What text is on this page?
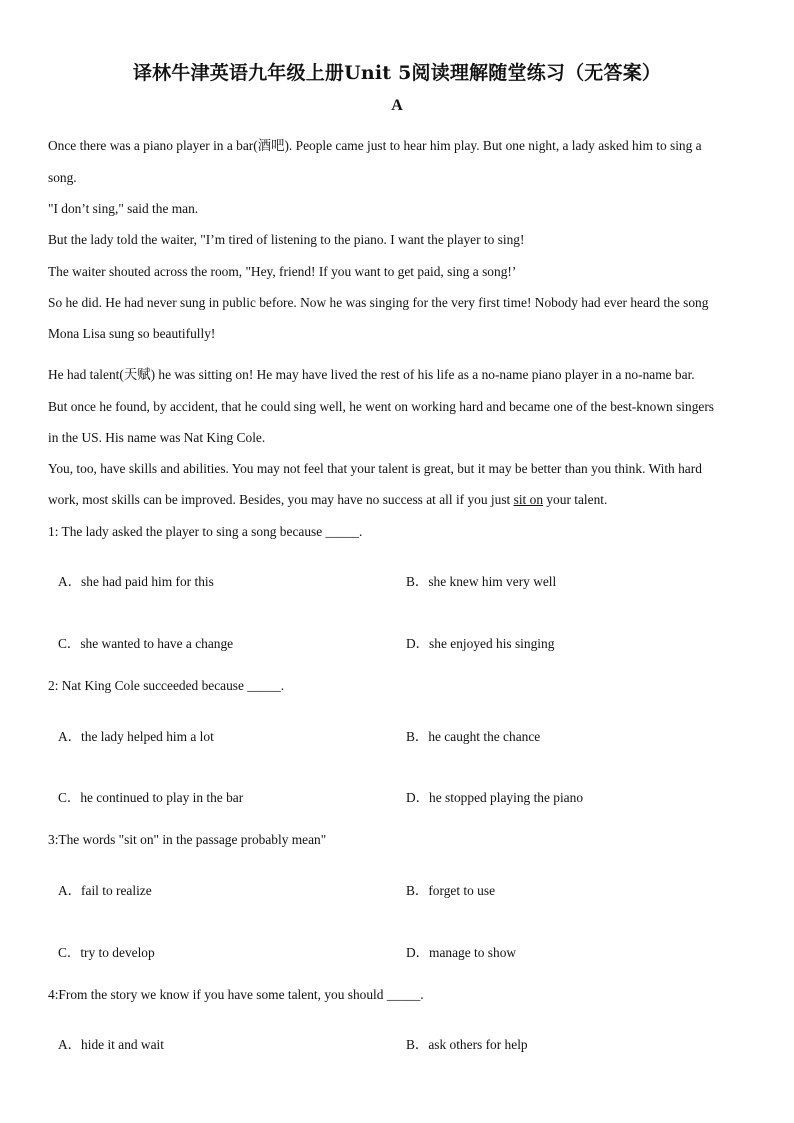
译林牛津英语九年级上册Unit 5阅读理解随堂练习（无答案）
A
Once there was a piano player in a bar(酒吧). People came just to hear him play. But one night, a lady asked him to sing a
song.
"I don’t sing," said the man.
But the lady told the waiter, "I’m tired of listening to the piano. I want the player to sing!
The waiter shouted across the room, "Hey, friend! If you want to get paid, sing a song!’
So he did. He had never sung in public before. Now he was singing for the very first time! Nobody had ever heard the song
Mona Lisa sung so beautifully!
He had talent(天赋) he was sitting on! He may have lived the rest of his life as a no-name piano player in a no-name bar.
But once he found, by accident, that he could sing well, he went on working hard and became one of the best-known singers
in the US. His name was Nat King Cole.
You, too, have skills and abilities. You may not feel that your talent is great, but it may be better than you think. With hard
work, most skills can be improved. Besides, you may have no success at all if you just sit on your talent.
1: The lady asked the player to sing a song because _____.
A．she had paid him for this	B．she knew him very well
C．she wanted to have a change	D．she enjoyed his singing
2: Nat King Cole succeeded because _____.
A．the lady helped him a lot	B．he caught the chance
C．he continued to play in the bar	D．he stopped playing the piano
3:The words "sit on" in the passage probably mean"
A．fail to realize	B．forget to use
C．try to develop	D．manage to show
4:From the story we know if you have some talent, you should _____.
A．hide it and wait	B．ask others for help
